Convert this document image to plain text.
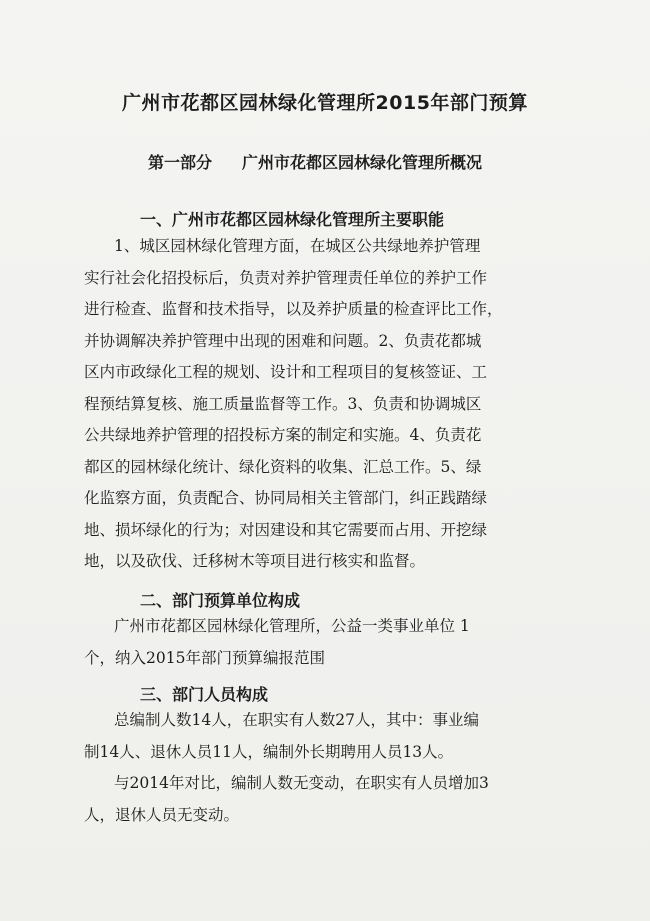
广州市花都区园林绿化管理所2015年部门预算
第一部分 广州市花都区园林绿化管理所概况
一、广州市花都区园林绿化管理所主要职能
1、城区园林绿化管理方面，在城区公共绿地养护管理
实行社会化招投标后，负责对养护管理责任单位的养护工作
进行检查、监督和技术指导，以及养护质量的检查评比工作，
并协调解决养护管理中出现的困难和问题。2、负责花都城
区内市政绿化工程的规划、设计和工程项目的复核签证、工
程预结算复核、施工质量监督等工作。3、负责和协调城区
公共绿地养护管理的招投标方案的制定和实施。4、负责花
都区的园林绿化统计、绿化资料的收集、汇总工作。5、绿
化监察方面，负责配合、协同局相关主管部门，纠正践踏绿
地、损坏绿化的行为；对因建设和其它需要而占用、开挖绿
地，以及砍伐、迁移树木等项目进行核实和监督。
二、部门预算单位构成
广州市花都区园林绿化管理所，公益一类事业单位 1
个，纳入2015年部门预算编报范围
三、部门人员构成
总编制人数14人，在职实有人数27人，其中：事业编
制14人、退休人员11人，编制外长期聘用人员13人。
与2014年对比，编制人数无变动，在职实有人员增加3
人，退休人员无变动。
